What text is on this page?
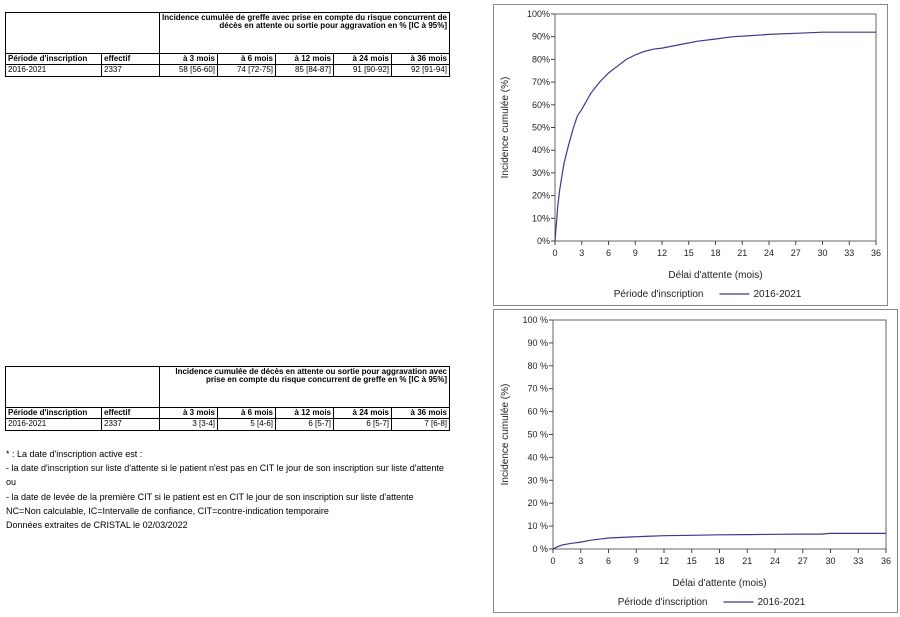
		Incidence cumulée de greffe avec prise en compte du risque concurrent de décès en attente ou sortie pour aggravation en % [IC à 95%]				
Période d'inscription	effectif	à 3 mois	à 6 mois	à 12 mois	à 24 mois	à 36 mois
2016-2021	2337	58 [56-60]	74 [72-75]	85 [84-87]	91 [90-92]	92 [91-94]
		Incidence cumulée de décès en attente ou sortie pour aggravation avec prise en compte du risque concurrent de greffe en % [IC à 95%]				
Période d'inscription	effectif	à 3 mois	à 6 mois	à 12 mois	à 24 mois	à 36 mois
2016-2021	2337	3 [3-4]	5 [4-6]	6 [5-7]	6 [5-7]	7 [6-8]
* : La date d'inscription active est :
- la date d'inscription sur liste d'attente si le patient n'est pas en CIT le jour de son inscription sur liste d'attente
ou
- la date de levée de la première CIT si le patient est en CIT le jour de son inscription sur liste d'attente
NC=Non calculable, IC=Intervalle de confiance, CIT=contre-indication temporaire
Données extraites de CRISTAL le 02/03/2022
0%
10%
20%
30%
40%
50%
60%
70%
80%
90%
100%
0 3 6 9 12 15 18 21 24 27 30 33 36
Délai d'attente (mois)
Incidence cumulée (%)
Période d'inscription	2016-2021
0 %
10 %
20 %
30 %
40 %
50 %
60 %
70 %
80 %
90 %
100 %
0	3	6	9 12 15 18 21 24 27 30 33 36
Délai d'attente (mois)
Incidence cumulée (%)
Période d'inscription	2016-2021
